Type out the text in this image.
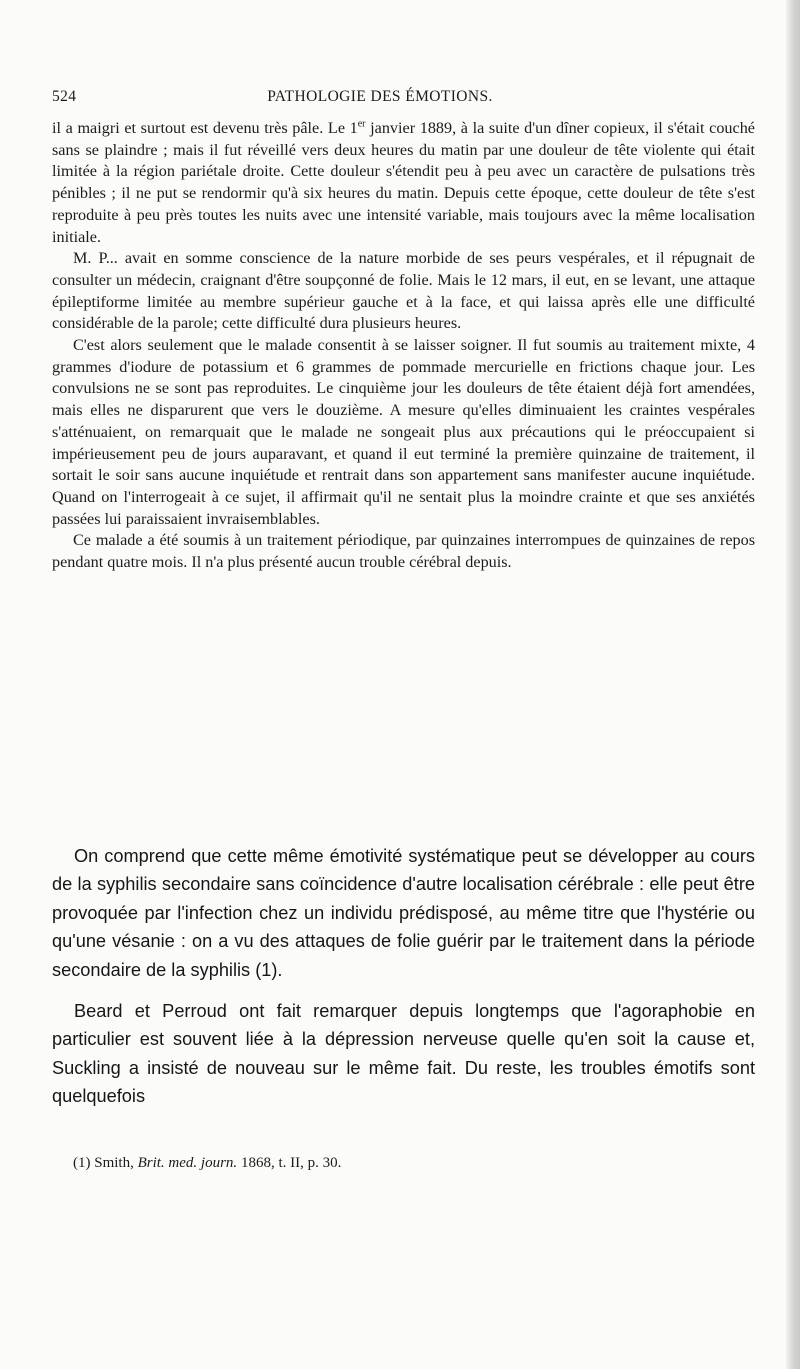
524	PATHOLOGIE DES ÉMOTIONS.

il a maigri et surtout est devenu très pâle. Le 1er janvier 1889, à la suite d'un dîner copieux, il s'était couché sans se plaindre ; mais il fut réveillé vers deux heures du matin par une douleur de tête violente qui était limitée à la région pariétale droite. Cette douleur s'étendit peu à peu avec un caractère de pulsations très pénibles ; il ne put se rendormir qu'à six heures du matin. Depuis cette époque, cette douleur de tête s'est reproduite à peu près toutes les nuits avec une intensité variable, mais toujours avec la même localisation initiale.

M. P... avait en somme conscience de la nature morbide de ses peurs vespérales, et il répugnait de consulter un médecin, craignant d'être soupçonné de folie. Mais le 12 mars, il eut, en se levant, une attaque épileptiforme limitée au membre supérieur gauche et à la face, et qui laissa après elle une difficulté considérable de la parole; cette difficulté dura plusieurs heures.

C'est alors seulement que le malade consentit à se laisser soigner. Il fut soumis au traitement mixte, 4 grammes d'iodure de potassium et 6 grammes de pommade mercurielle en frictions chaque jour. Les convulsions ne se sont pas reproduites. Le cinquième jour les douleurs de tête étaient déjà fort amendées, mais elles ne disparurent que vers le douzième. A mesure qu'elles diminuaient les craintes vespérales s'atténuaient, on remarquait que le malade ne songeait plus aux précautions qui le préoccupaient si impérieusement peu de jours auparavant, et quand il eut terminé la première quinzaine de traitement, il sortait le soir sans aucune inquiétude et rentrait dans son appartement sans manifester aucune inquiétude. Quand on l'interrogeait à ce sujet, il affirmait qu'il ne sentait plus la moindre crainte et que ses anxiétés passées lui paraissaient invraisemblables.

Ce malade a été soumis à un traitement périodique, par quinzaines interrompues de quinzaines de repos pendant quatre mois. Il n'a plus présenté aucun trouble cérébral depuis.

On comprend que cette même émotivité systématique peut se développer au cours de la syphilis secondaire sans coïncidence d'autre localisation cérébrale : elle peut être provoquée par l'infection chez un individu prédisposé, au même titre que l'hystérie ou qu'une vésanie : on a vu des attaques de folie guérir par le traitement dans la période secondaire de la syphilis (1).

Beard et Perroud ont fait remarquer depuis longtemps que l'agoraphobie en particulier est souvent liée à la dépression nerveuse quelle qu'en soit la cause et, Suckling a insisté de nouveau sur le même fait. Du reste, les troubles émotifs sont quelquefois

(1) Smith, Brit. med. journ. 1868, t. II, p. 30.
